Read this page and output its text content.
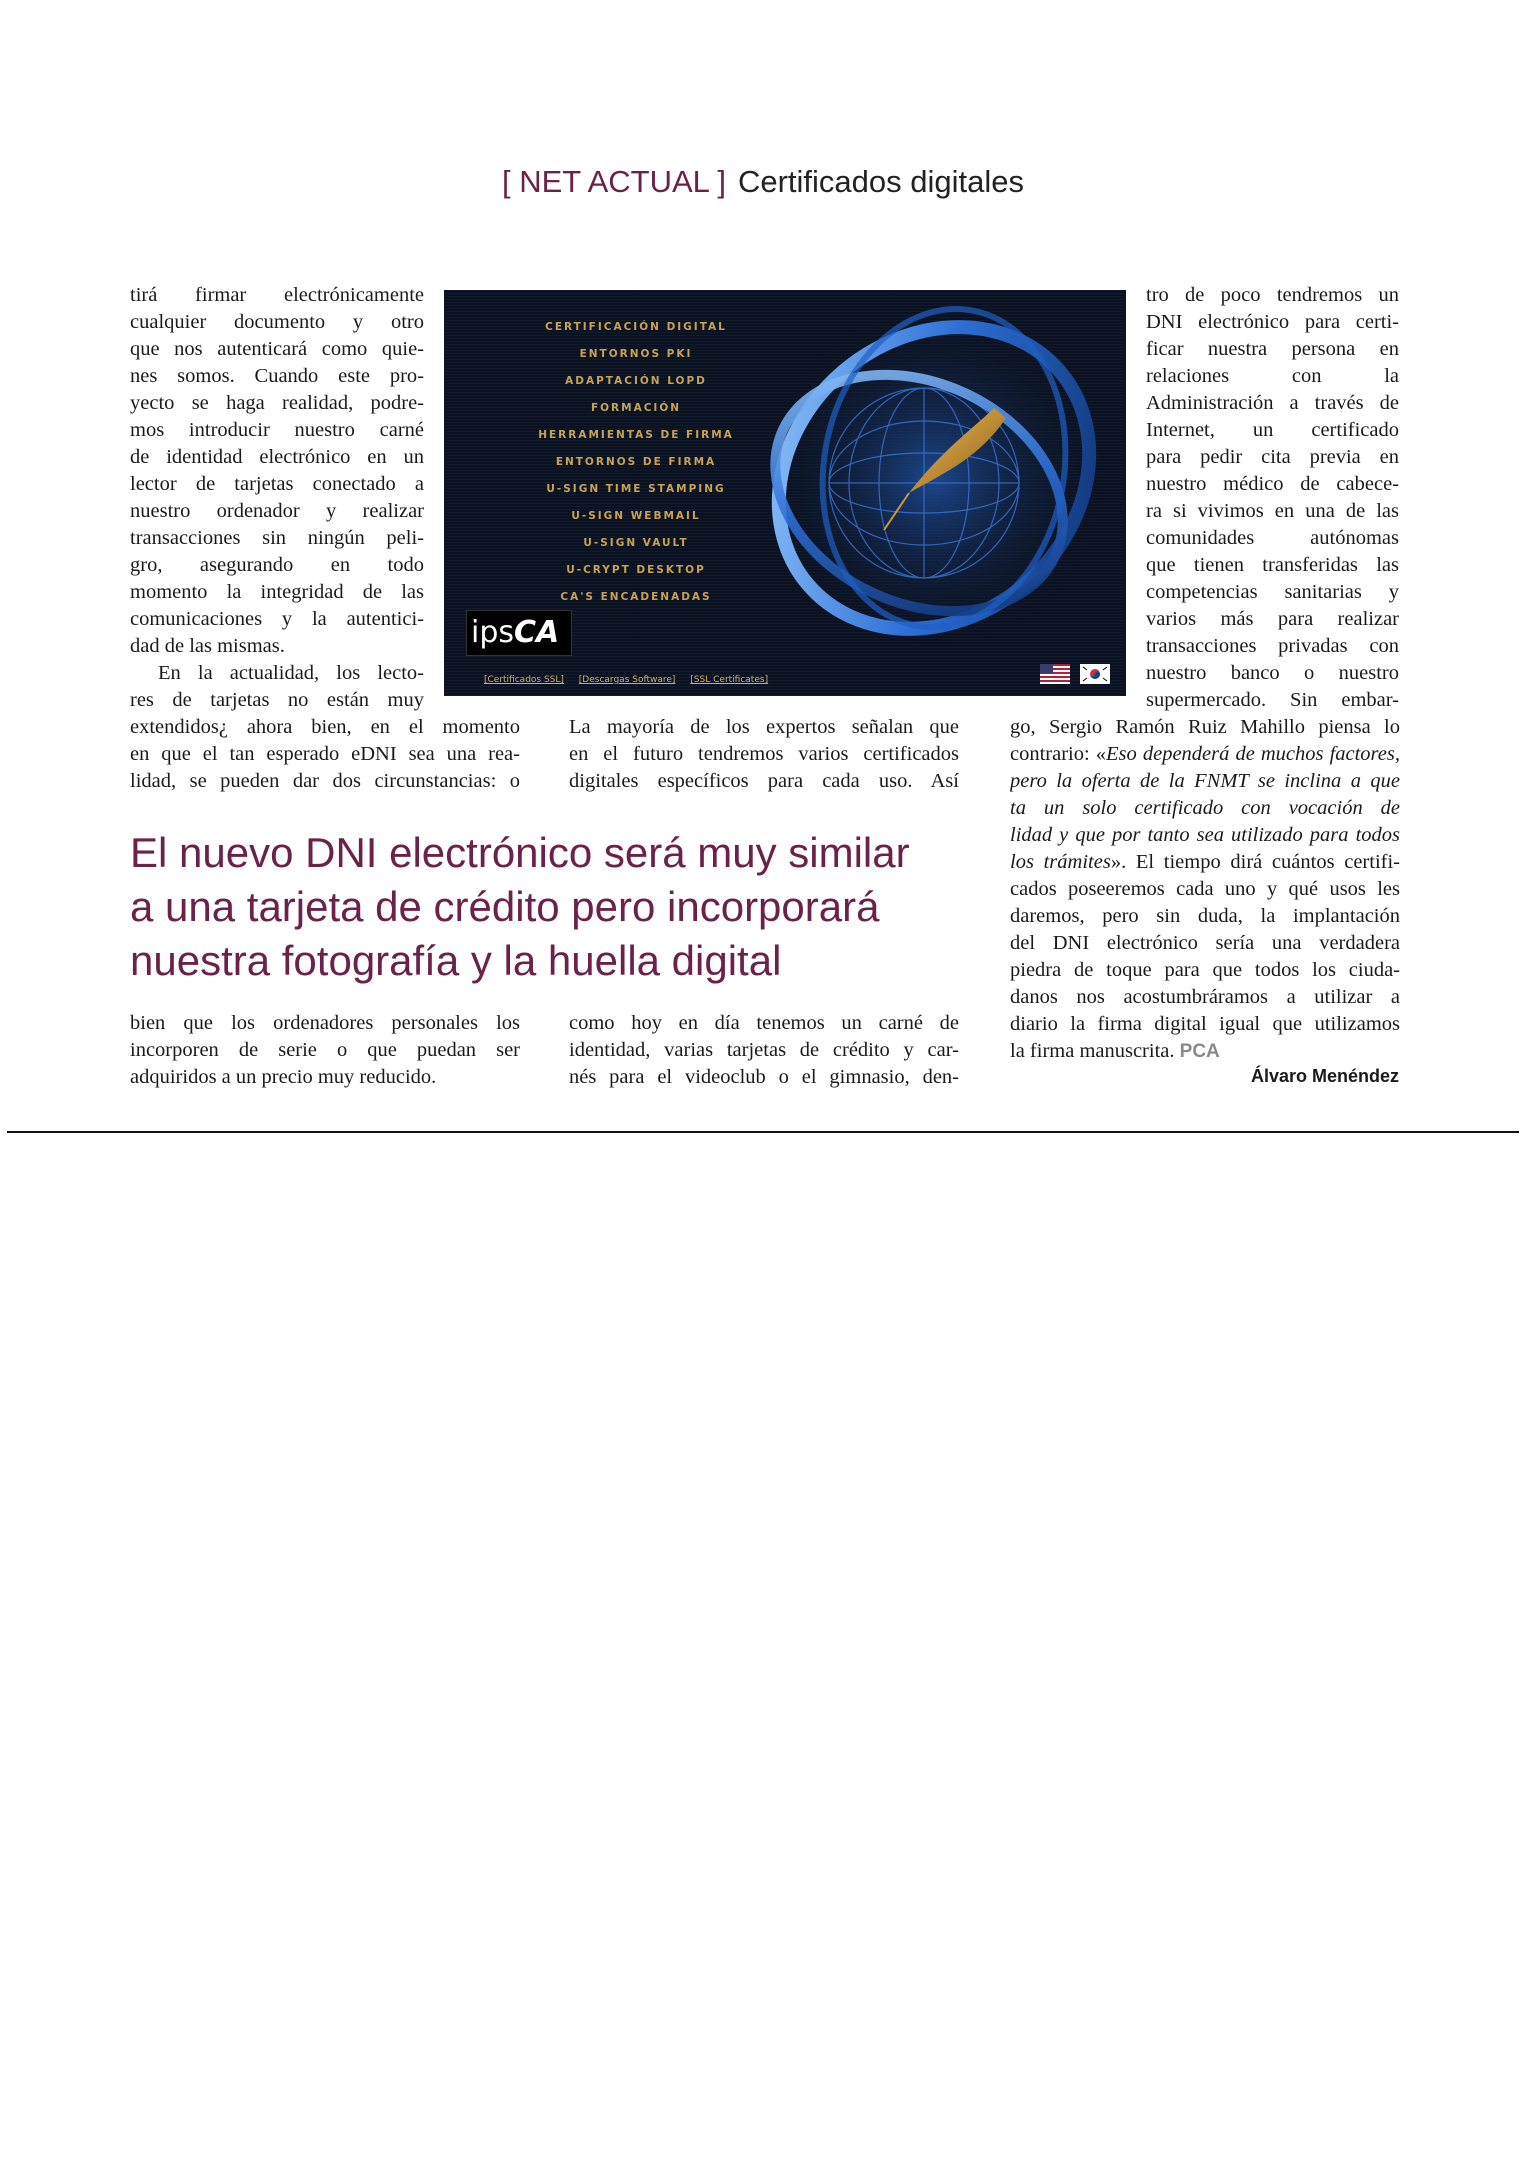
[ NET ACTUAL ] Certificados digitales
tirá firmar electrónicamente
cualquier documento y otro
que nos autenticará como quie-
nes somos. Cuando este pro-
yecto se haga realidad, podre-
mos introducir nuestro carné
de identidad electrónico en un
lector de tarjetas conectado a
nuestro ordenador y realizar
transacciones sin ningún peli-
gro, asegurando en todo
momento la integridad de las
comunicaciones y la autentici-
dad de las mismas.
En la actualidad, los lecto-
res de tarjetas no están muy
extendidos¿ ahora bien, en el momento
en que el tan esperado eDNI sea una rea-
lidad, se pueden dar dos circunstancias: o
La mayoría de los expertos señalan que
en el futuro tendremos varios certificados
digitales específicos para cada uso. Así
tro de poco tendremos un
DNI electrónico para certi-
ficar nuestra persona en
relaciones con la
Administración a través de
Internet, un certificado
para pedir cita previa en
nuestro médico de cabece-
ra si vivimos en una de las
comunidades autónomas
que tienen transferidas las
competencias sanitarias y
varios más para realizar
transacciones privadas con
nuestro banco o nuestro
supermercado. Sin embar-
go, Sergio Ramón Ruiz Mahillo piensa lo
contrario: «Eso dependerá de muchos factores,
pero la oferta de la FNMT se inclina a que
ta un solo certificado con vocación de
lidad y que por tanto sea utilizado para todos
los trámites». El tiempo dirá cuántos certifi-
cados poseeremos cada uno y qué usos les
daremos, pero sin duda, la implantación
del DNI electrónico sería una verdadera
piedra de toque para que todos los ciuda-
danos nos acostumbráramos a utilizar a
diario la firma digital igual que utilizamos
la firma manuscrita. PCA
El nuevo DNI electrónico será muy similar
a una tarjeta de crédito pero incorporará
nuestra fotografía y la huella digital
bien que los ordenadores personales los
incorporen de serie o que puedan ser
adquiridos a un precio muy reducido.
como hoy en día tenemos un carné de
identidad, varias tarjetas de crédito y car-
nés para el videoclub o el gimnasio, den-	Álvaro Menéndez
CERTIFICACIÓN DIGITAL
ENTORNOS PKI
ADAPTACIÓN LOPD
FORMACIÓN
HERRAMIENTAS DE FIRMA
ENTORNOS DE FIRMA
U-SIGN TIME STAMPING
U-SIGN WEBMAIL
U-SIGN VAULT
U-CRYPT DESKTOP
CA'S ENCADENADAS
ipsCA
[Certificados SSL] [Descargas Software] [SSL Certificates]
